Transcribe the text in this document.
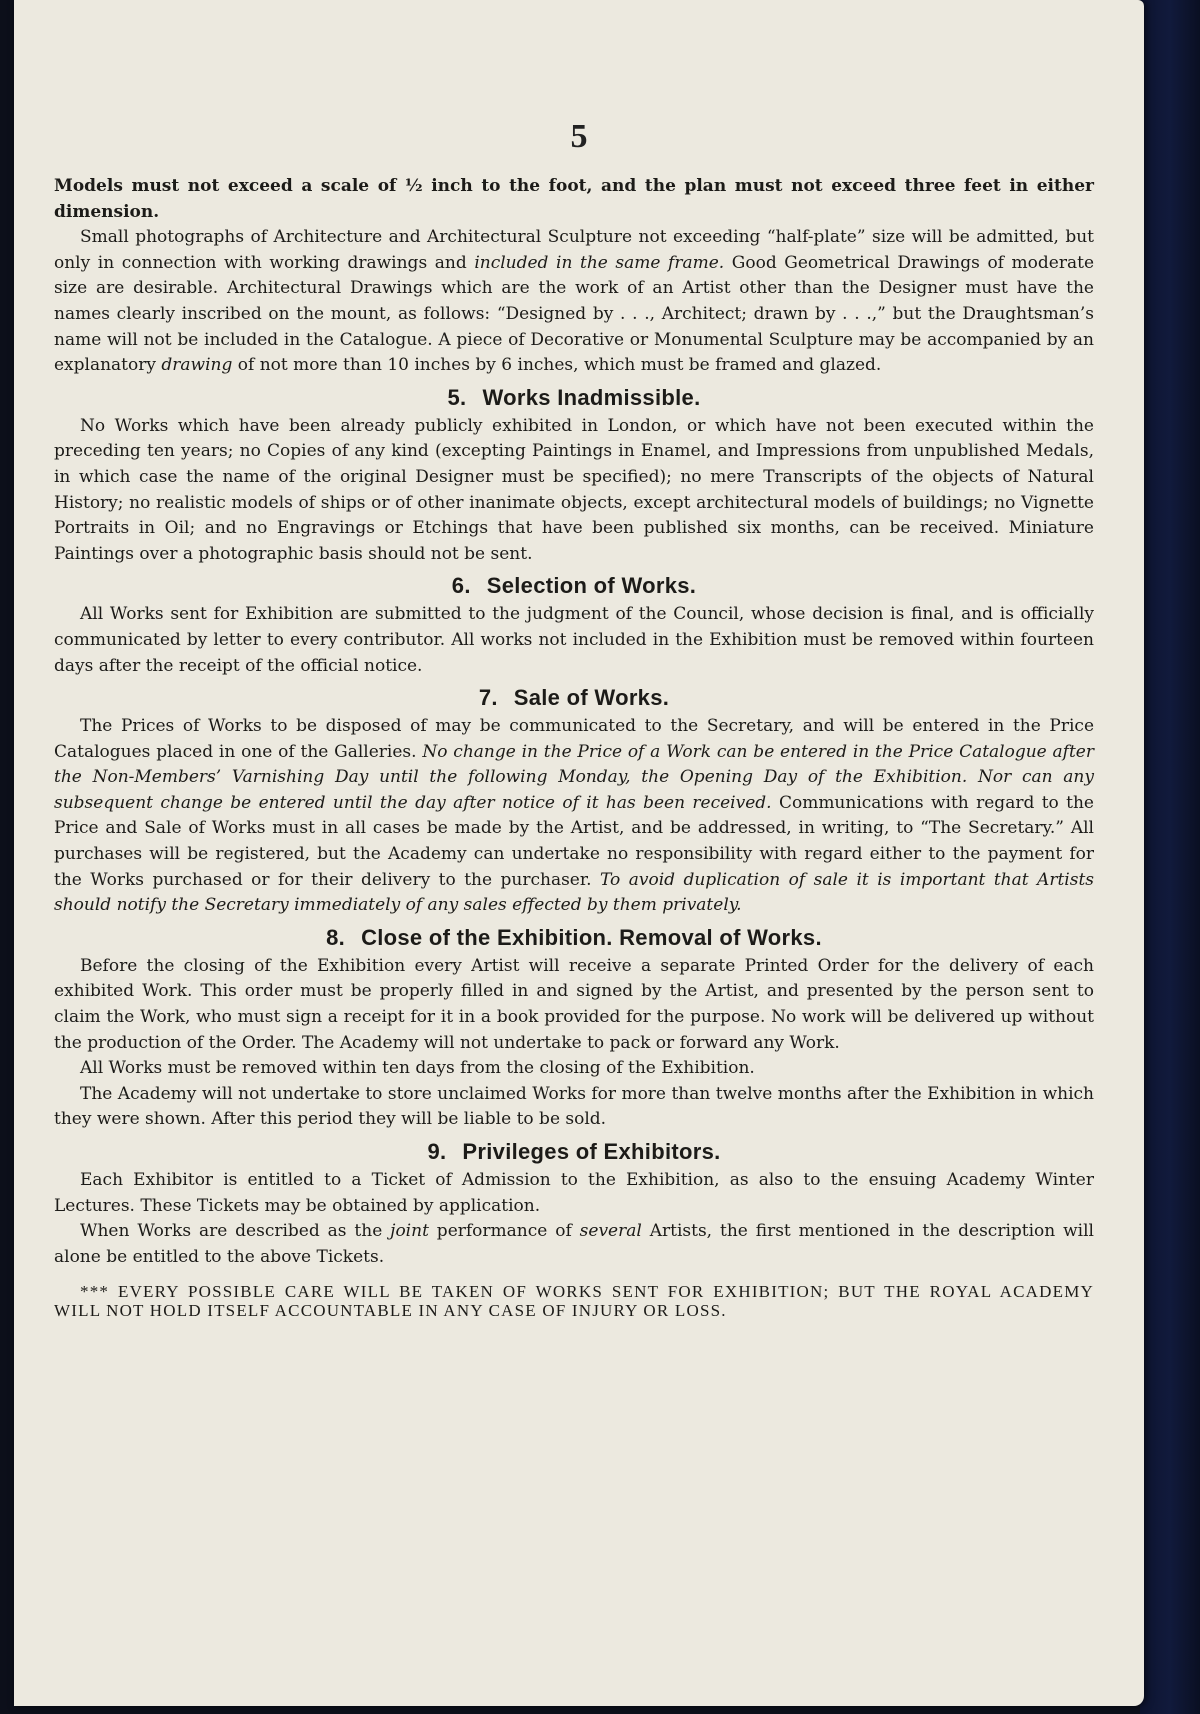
5

Models must not exceed a scale of ½ inch to the foot, and the plan must not exceed three feet in either dimension.

Small photographs of Architecture and Architectural Sculpture not exceeding “half-plate” size will be admitted, but only in connection with working drawings and included in the same frame. Good Geometrical Drawings of moderate size are desirable. Architectural Drawings which are the work of an Artist other than the Designer must have the names clearly inscribed on the mount, as follows: “Designed by . . ., Architect; drawn by . . .,” but the Draughtsman’s name will not be included in the Catalogue. A piece of Decorative or Monumental Sculpture may be accompanied by an explanatory drawing of not more than 10 inches by 6 inches, which must be framed and glazed.

5. Works Inadmissible.

No Works which have been already publicly exhibited in London, or which have not been executed within the preceding ten years; no Copies of any kind (excepting Paintings in Enamel, and Impressions from unpublished Medals, in which case the name of the original Designer must be specified); no mere Transcripts of the objects of Natural History; no realistic models of ships or of other inanimate objects, except architectural models of buildings; no Vignette Portraits in Oil; and no Engravings or Etchings that have been published six months, can be received. Miniature Paintings over a photographic basis should not be sent.

6. Selection of Works.

All Works sent for Exhibition are submitted to the judgment of the Council, whose decision is final, and is officially communicated by letter to every contributor. All works not included in the Exhibition must be removed within fourteen days after the receipt of the official notice.

7. Sale of Works.

The Prices of Works to be disposed of may be communicated to the Secretary, and will be entered in the Price Catalogues placed in one of the Galleries. No change in the Price of a Work can be entered in the Price Catalogue after the Non-Members’ Varnishing Day until the following Monday, the Opening Day of the Exhibition. Nor can any subsequent change be entered until the day after notice of it has been received. Communications with regard to the Price and Sale of Works must in all cases be made by the Artist, and be addressed, in writing, to “The Secretary.” All purchases will be registered, but the Academy can undertake no responsibility with regard either to the payment for the Works purchased or for their delivery to the purchaser. To avoid duplication of sale it is important that Artists should notify the Secretary immediately of any sales effected by them privately.

8. Close of the Exhibition. Removal of Works.

Before the closing of the Exhibition every Artist will receive a separate Printed Order for the delivery of each exhibited Work. This order must be properly filled in and signed by the Artist, and presented by the person sent to claim the Work, who must sign a receipt for it in a book provided for the purpose. No work will be delivered up without the production of the Order. The Academy will not undertake to pack or forward any Work.

All Works must be removed within ten days from the closing of the Exhibition.

The Academy will not undertake to store unclaimed Works for more than twelve months after the Exhibition in which they were shown. After this period they will be liable to be sold.

9. Privileges of Exhibitors.

Each Exhibitor is entitled to a Ticket of Admission to the Exhibition, as also to the ensuing Academy Winter Lectures. These Tickets may be obtained by application.

When Works are described as the joint performance of several Artists, the first mentioned in the description will alone be entitled to the above Tickets.

*** EVERY POSSIBLE CARE WILL BE TAKEN OF WORKS SENT FOR EXHIBITION; BUT THE ROYAL ACADEMY WILL NOT HOLD ITSELF ACCOUNTABLE IN ANY CASE OF INJURY OR LOSS.
